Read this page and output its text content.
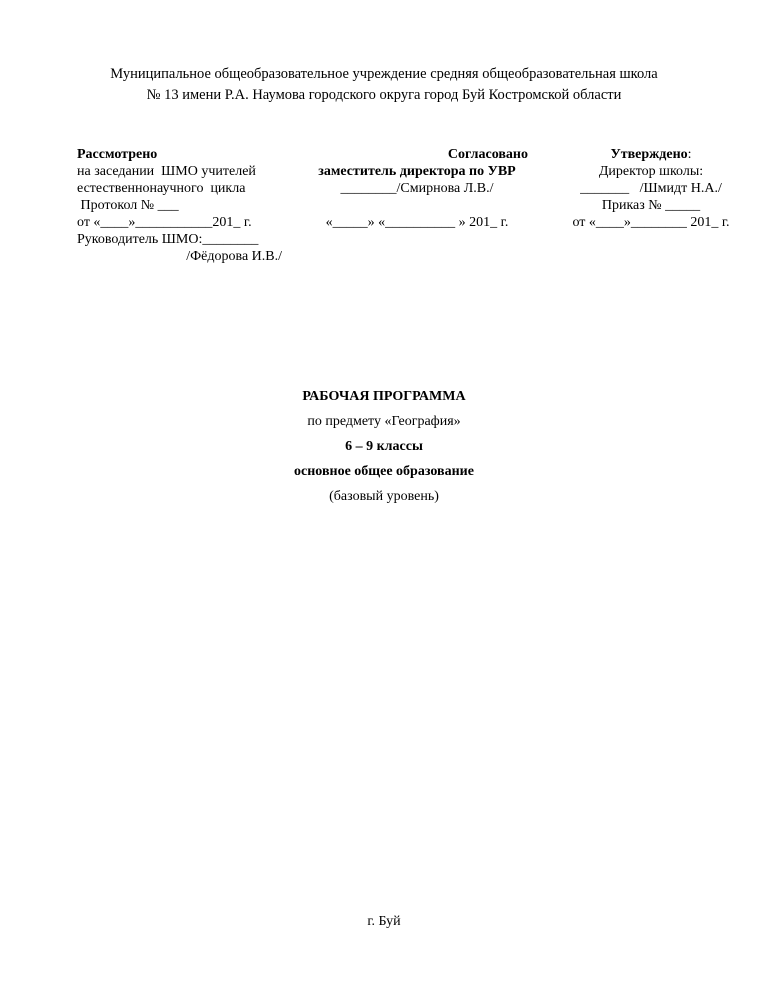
Муниципальное общеобразовательное учреждение средняя общеобразовательная школа
№ 13 имени Р.А. Наумова городского округа город Буй Костромской области
Рассмотрено
на заседании  ШМО учителей
естественнонаучного  цикла
Протокол № ___
от «____»___________201_ г.
Руководитель ШМО:________
/Фёдорова И.В./
Согласовано
заместитель директора по УВР
________/Смирнова Л.В./
«_____» «__________ » 201_ г.
Утверждено:
Директор школы:
_______   /Шмидт Н.А./
Приказ № _____
от «____»________ 201_ г.
РАБОЧАЯ ПРОГРАММА
по предмету «География»
6 – 9 классы
основное общее образование
(базовый уровень)
г. Буй
